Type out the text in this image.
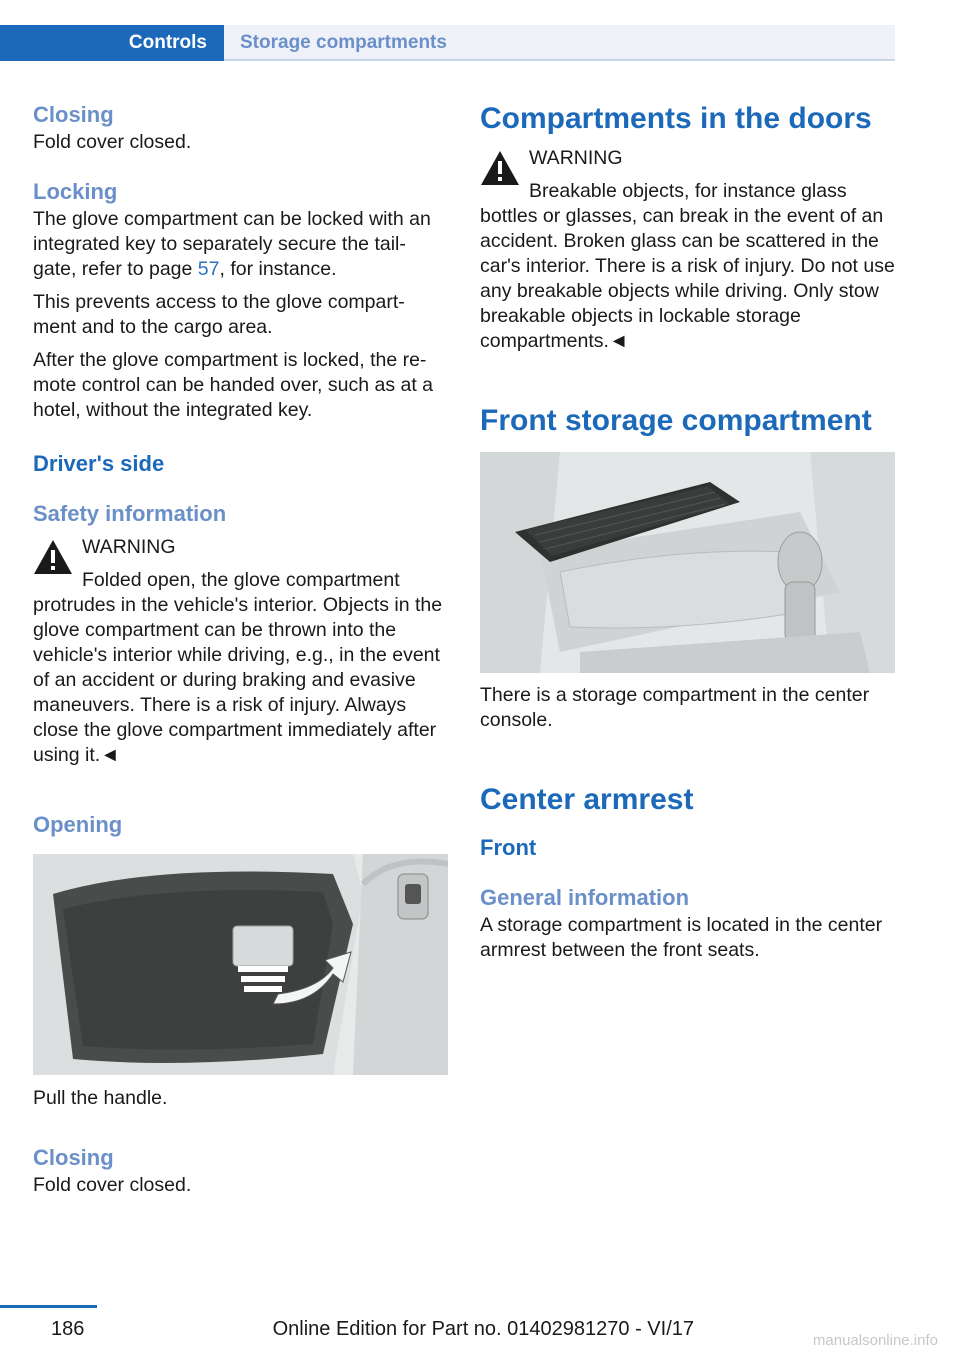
Controls	Storage compartments
Closing

Fold cover closed.

Locking

The glove compartment can be locked with an integrated key to separately secure the tail‐ gate, refer to page 57, for instance.

This prevents access to the glove compart‐ ment and to the cargo area.

After the glove compartment is locked, the re‐ mote control can be handed over, such as at a hotel, without the integrated key.

Driver's side
Safety information

WARNING

Folded open, the glove compartment

protrudes in the vehicle's interior. Objects in the glove compartment can be thrown into the vehicle's interior while driving, e.g., in the event of an accident or during braking and evasive maneuvers. There is a risk of injury. Always close the glove compartment immediately after using it.◄

Opening

Pull the handle.

Closing

Fold cover closed.

Compartments in the doors

WARNING

Breakable objects, for instance glass

bottles or glasses, can break in the event of an accident. Broken glass can be scattered in the car's interior. There is a risk of injury. Do not use any breakable objects while driving. Only stow breakable objects in lockable storage compartments.◄

Front storage compartment

There is a storage compartment in the center console.

Center armrest
Front
General information

A storage compartment is located in the center armrest between the front seats.

186	Online Edition for Part no. 01402981270 - VI/17
manualsonline.info
